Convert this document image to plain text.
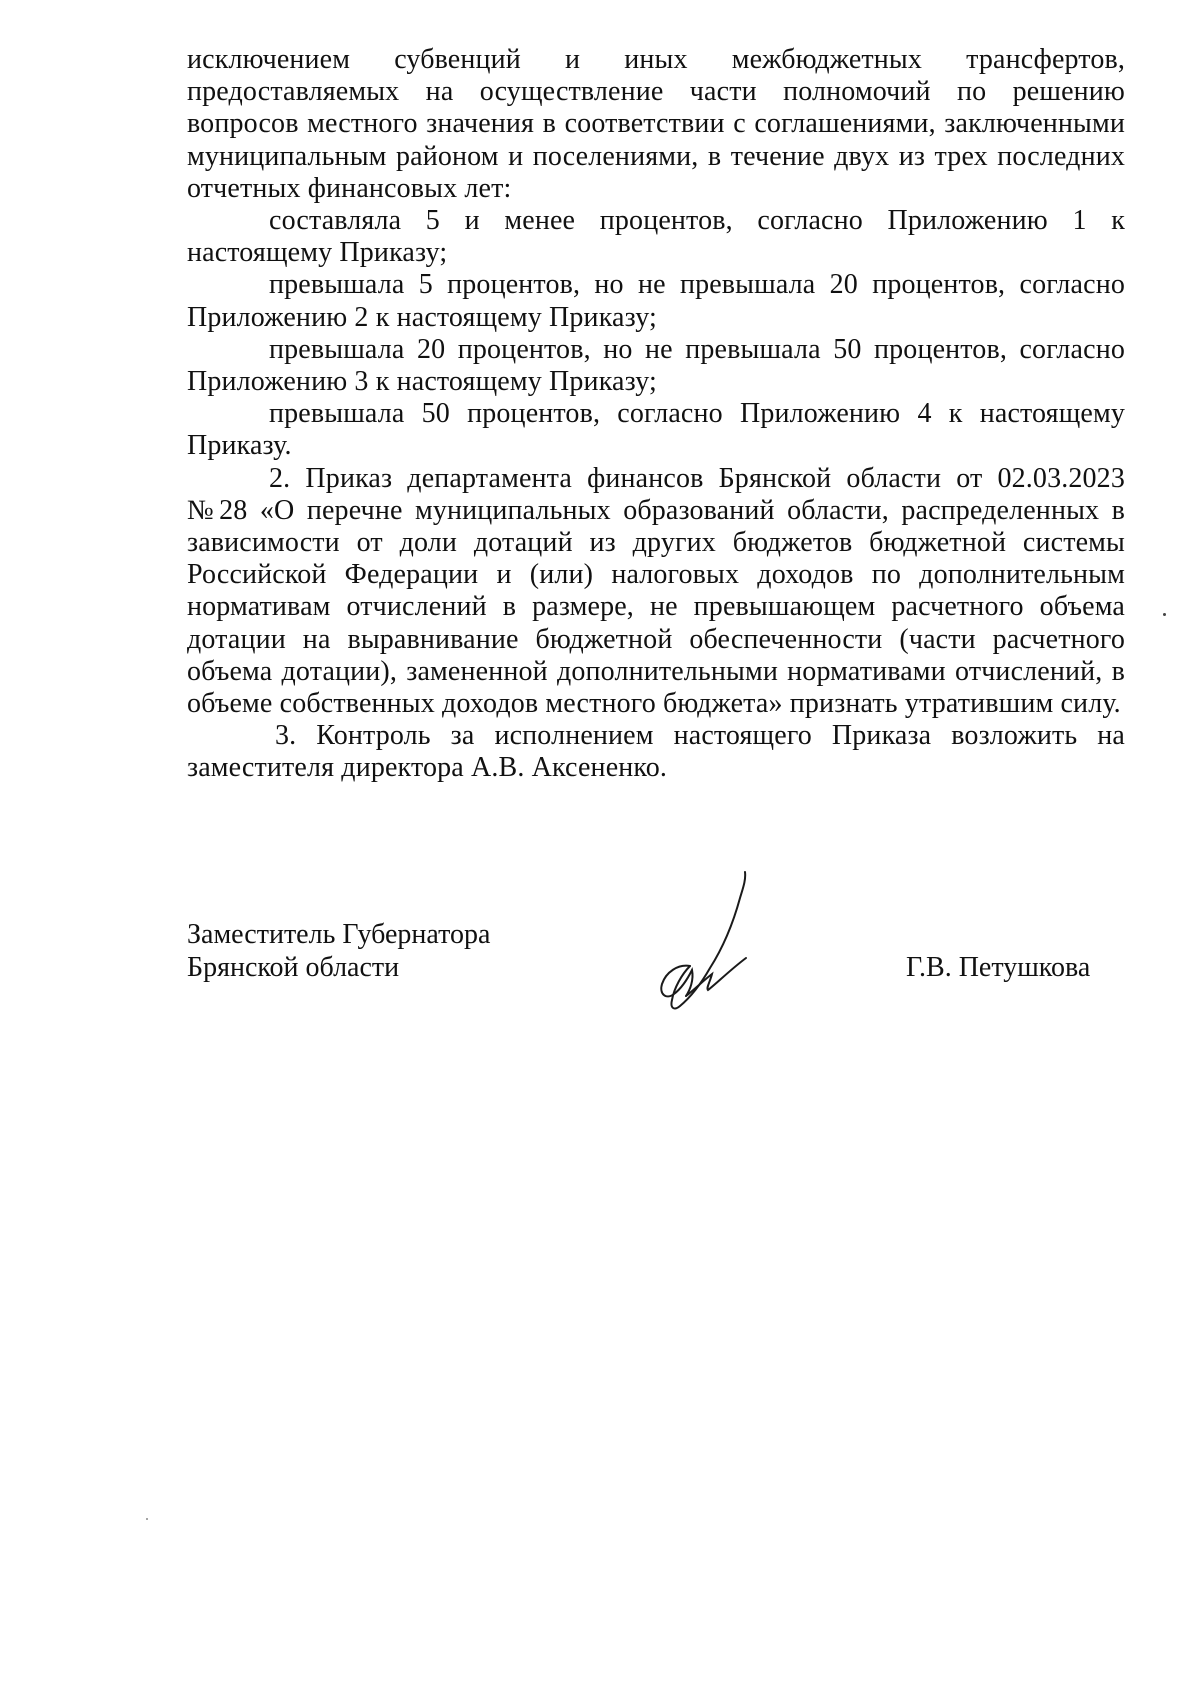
исключением субвенций и иных межбюджетных трансфертов, предоставляемых на осуществление части полномочий по решению вопросов местного значения в соответствии с соглашениями, заключенными муниципальным районом и поселениями, в течение двух из трех последних отчетных финансовых лет:

составляла 5 и менее процентов, согласно Приложению 1 к настоящему Приказу;

превышала 5 процентов, но не превышала 20 процентов, согласно Приложению 2 к настоящему Приказу;

превышала 20 процентов, но не превышала 50 процентов, согласно Приложению 3 к настоящему Приказу;

превышала 50 процентов, согласно Приложению 4 к настоящему Приказу.

2. Приказ департамента финансов Брянской области от 02.03.2023 №28 «О перечне муниципальных образований области, распределенных в зависимости от доли дотаций из других бюджетов бюджетной системы Российской Федерации и (или) налоговых доходов по дополнительным нормативам отчислений в размере, не превышающем расчетного объема дотации на выравнивание бюджетной обеспеченности (части расчетного объема дотации), замененной дополнительными нормативами отчислений, в объеме собственных доходов местного бюджета» признать утратившим силу.

3. Контроль за исполнением настоящего Приказа возложить на заместителя директора А.В. Аксененко.

Заместитель Губернатора
Брянской области	Г.В. Петушкова
